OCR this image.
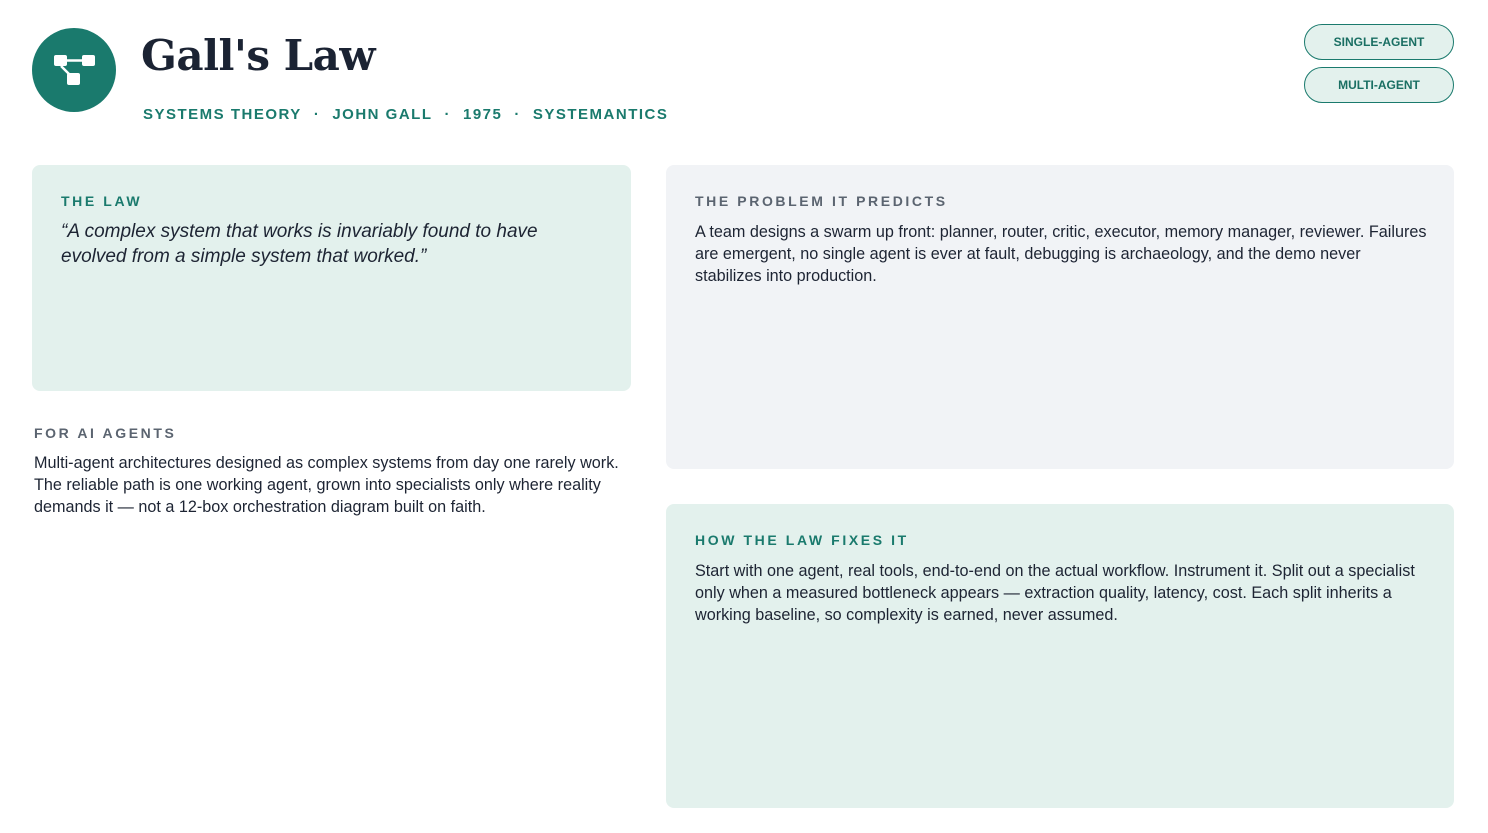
Gall's Law
SYSTEMS THEORY · JOHN GALL · 1975 · SYSTEMANTICS
SINGLE-AGENT
MULTI-AGENT
THE LAW

“A complex system that works is invariably found to have evolved from a simple system that worked.”

FOR AI AGENTS

Multi-agent architectures designed as complex systems from day one rarely work. The reliable path is one working agent, grown into specialists only where reality demands it — not a 12-box orchestration diagram built on faith.

THE PROBLEM IT PREDICTS

A team designs a swarm up front: planner, router, critic, executor, memory manager, reviewer. Failures are emergent, no single agent is ever at fault, debugging is archaeology, and the demo never stabilizes into production.

HOW THE LAW FIXES IT

Start with one agent, real tools, end-to-end on the actual workflow. Instrument it. Split out a specialist only when a measured bottleneck appears — extraction quality, latency, cost. Each split inherits a working baseline, so complexity is earned, never assumed.
